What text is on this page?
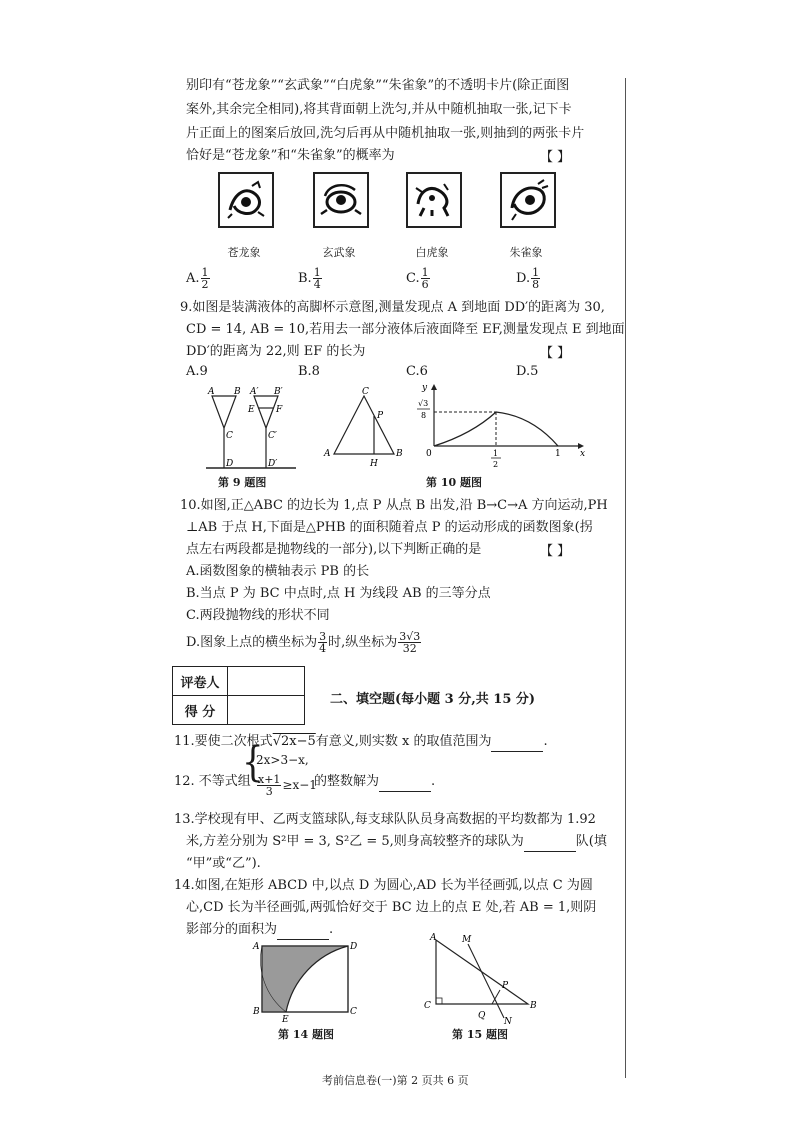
别印有“苍龙象”“玄武象”“白虎象”“朱雀象”的不透明卡片(除正面图
案外,其余完全相同),将其背面朝上洗匀,并从中随机抽取一张,记下卡
片正面上的图案后放回,洗匀后再从中随机抽取一张,则抽到的两张卡片
恰好是“苍龙象”和“朱雀象”的概率为	【 】
苍龙象	玄武象	白虎象	朱雀象
A. $\frac{1}{2}$	B. $\frac{1}{4}$	C. $\frac{1}{6}$	D. $\frac{1}{8}$
9.如图是装满液体的高脚杯示意图,测量发现点 A 到地面 DD′的距离为 30,
CD = 14, AB = 10,若用去一部分液体后液面降至 EF,测量发现点 E 到地面
DD′的距离为 22,则 EF 的长为	【 】
A.9	B.8	C.6	D.5
A B
C
D
A′ B′
E F
C′
D′
第 9 题图
C
A	B
P
H
y
x
0	1
1
2
√3
8
第 10 题图
10.如图,正△ABC 的边长为 1,点 P 从点 B 出发,沿 B→C→A 方向运动,PH
⊥AB 于点 H,下面是△PHB 的面积随着点 P 的运动形成的函数图象(拐
点左右两段都是抛物线的一部分),以下判断正确的是	【 】
A.函数图象的横轴表示 PB 的长
B.当点 P 为 BC 中点时,点 H 为线段 AB 的三等分点
C.两段抛物线的形状不同
D.图象上点的横坐标为 $\frac{3}{4}$ 时,纵坐标为 $\frac{3√3}{32}$
评卷人	
得 分	
二、填空题(每小题 3 分,共 15 分)
11.要使二次根式√2x−5有意义,则实数 x 的取值范围为	.
12. 不等式组
{
2x>3−x,
$\frac{x+1}{3} \ge x-1$
的整数解为	.
13.学校现有甲、乙两支篮球队,每支球队队员身高数据的平均数都为 1.92
米,方差分别为 S²甲 = 3, S²乙 = 5,则身高较整齐的球队为	队(填
“甲”或“乙”).
14.如图,在矩形 ABCD 中,以点 D 为圆心,AD 长为半径画弧,以点 C 为圆
心,CD 长为半径画弧,两弧恰好交于 BC 边上的点 E 处,若 AB = 1,则阴
影部分的面积为	.
A	D
B	C
E
第 14 题图
A
C	B
M
N
P
Q
第 15 题图
考前信息卷(一)第 2 页共 6 页
